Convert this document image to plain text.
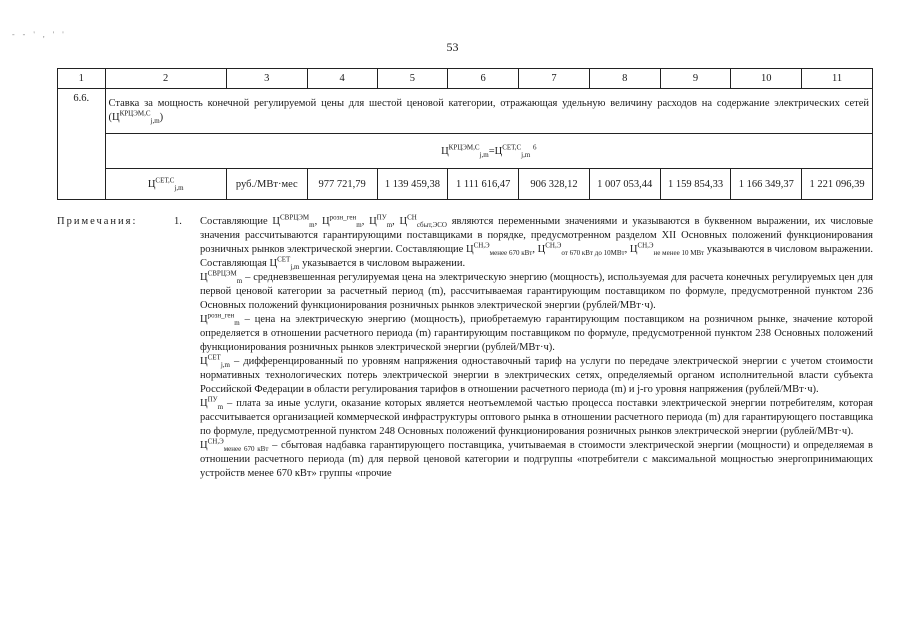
- - ' , ' '
53
1	2	3	4	5	6	7	8	9	10	11
6.6.	Ставка за мощность конечной регулируемой цены для шестой ценовой категории, отражающая удельную величину расходов на содержание электрических сетей $(Ц^{КРЦЭМ,С}_{j,m})$									
	$Ц^{КРЦЭМ,С}_{j,m}=Ц^{СЕТ,С}_{j,m}$ $^6$
	$Ц^{СЕТ,С}_{j,m}$	руб./МВт·мес	977 721,79	1 139 459,38	1 111 616,47	906 328,12	1 007 053,44	1 159 854,33	1 166 349,37	1 221 096,39
Примечания:	1. Составляющие $Ц^{СВРЦЭМ}_m$, $Ц^{розн\_ген}_m$, $Ц^{ПУ}_m$, $Ц^{СН}_{сбыт,ЭСО}$ являются переменными значениями и указываются в буквенном выражении, их числовые значения рассчитываются гарантирующими поставщиками в порядке, предусмотренном разделом XII Основных положений функционирования розничных рынков электрической энергии. Составляющие $Ц^{СН,Э}_{менее 670 кВт}$, $Ц^{СН,Э}_{от 670 кВт до 10МВт}$, $Ц^{СН,Э}_{не менее 10 МВт}$ указываются в числовом выражении. Составляющая $Ц^{СЕТ}_{j,m}$ указывается в числовом выражении.

$Ц^{СВРЦЭМ}_m$ – средневзвешенная регулируемая цена на электрическую энергию (мощность), используемая для расчета конечных регулируемых цен для первой ценовой категории за расчетный период (m), рассчитываемая гарантирующим поставщиком по формуле, предусмотренной пунктом 236 Основных положений функционирования розничных рынков электрической энергии (рублей/МВт·ч).

$Ц^{розн\_ген}_m$ – цена на электрическую энергию (мощность), приобретаемую гарантирующим поставщиком на розничном рынке, значение которой определяется в отношении расчетного периода (m) гарантирующим поставщиком по формуле, предусмотренной пунктом 238 Основных положений функционирования розничных рынков электрической энергии (рублей/МВт·ч).

$Ц^{СЕТ}_{j,m}$ – дифференцированный по уровням напряжения одноставочный тариф на услуги по передаче электрической энергии с учетом стоимости нормативных технологических потерь электрической энергии в электрических сетях, определяемый органом исполнительной власти субъекта Российской Федерации в области регулирования тарифов в отношении расчетного периода (m) и j-го уровня напряжения (рублей/МВт·ч).

$Ц^{ПУ}_m$ – плата за иные услуги, оказание которых является неотъемлемой частью процесса поставки электрической энергии потребителям, которая рассчитывается организацией коммерческой инфраструктуры оптового рынка в отношении расчетного периода (m) для гарантирующего поставщика по формуле, предусмотренной пунктом 248 Основных положений функционирования розничных рынков электрической энергии (рублей/МВт·ч).

$Ц^{СН,Э}_{менее 670 кВт}$ – сбытовая надбавка гарантирующего поставщика, учитываемая в стоимости электрической энергии (мощности) и определяемая в отношении расчетного периода (m) для первой ценовой категории и подгруппы «потребители с максимальной мощностью энергопринимающих устройств менее 670 кВт» группы «прочие
